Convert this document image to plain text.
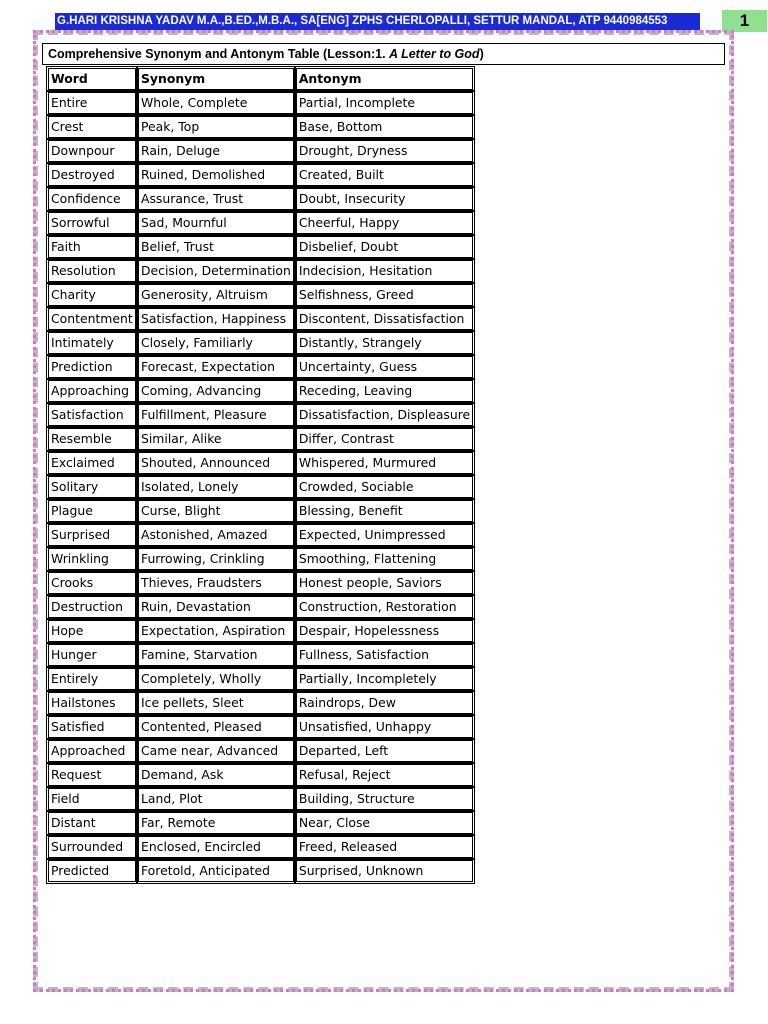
G.HARI KRISHNA YADAV M.A.,B.ED.,M.B.A., SA[ENG] ZPHS CHERLOPALLI, SETTUR MANDAL, ATP 9440984553	1
Comprehensive Synonym and Antonym Table (Lesson:1. A Letter to God)
Word	Synonym	Antonym
Entire	Whole, Complete	Partial, Incomplete
Crest	Peak, Top	Base, Bottom
Downpour	Rain, Deluge	Drought, Dryness
Destroyed	Ruined, Demolished	Created, Built
Confidence	Assurance, Trust	Doubt, Insecurity
Sorrowful	Sad, Mournful	Cheerful, Happy
Faith	Belief, Trust	Disbelief, Doubt
Resolution	Decision, Determination	Indecision, Hesitation
Charity	Generosity, Altruism	Selfishness, Greed
Contentment	Satisfaction, Happiness	Discontent, Dissatisfaction
Intimately	Closely, Familiarly	Distantly, Strangely
Prediction	Forecast, Expectation	Uncertainty, Guess
Approaching	Coming, Advancing	Receding, Leaving
Satisfaction	Fulfillment, Pleasure	Dissatisfaction, Displeasure
Resemble	Similar, Alike	Differ, Contrast
Exclaimed	Shouted, Announced	Whispered, Murmured
Solitary	Isolated, Lonely	Crowded, Sociable
Plague	Curse, Blight	Blessing, Benefit
Surprised	Astonished, Amazed	Expected, Unimpressed
Wrinkling	Furrowing, Crinkling	Smoothing, Flattening
Crooks	Thieves, Fraudsters	Honest people, Saviors
Destruction	Ruin, Devastation	Construction, Restoration
Hope	Expectation, Aspiration	Despair, Hopelessness
Hunger	Famine, Starvation	Fullness, Satisfaction
Entirely	Completely, Wholly	Partially, Incompletely
Hailstones	Ice pellets, Sleet	Raindrops, Dew
Satisfied	Contented, Pleased	Unsatisfied, Unhappy
Approached	Came near, Advanced	Departed, Left
Request	Demand, Ask	Refusal, Reject
Field	Land, Plot	Building, Structure
Distant	Far, Remote	Near, Close
Surrounded	Enclosed, Encircled	Freed, Released
Predicted	Foretold, Anticipated	Surprised, Unknown
